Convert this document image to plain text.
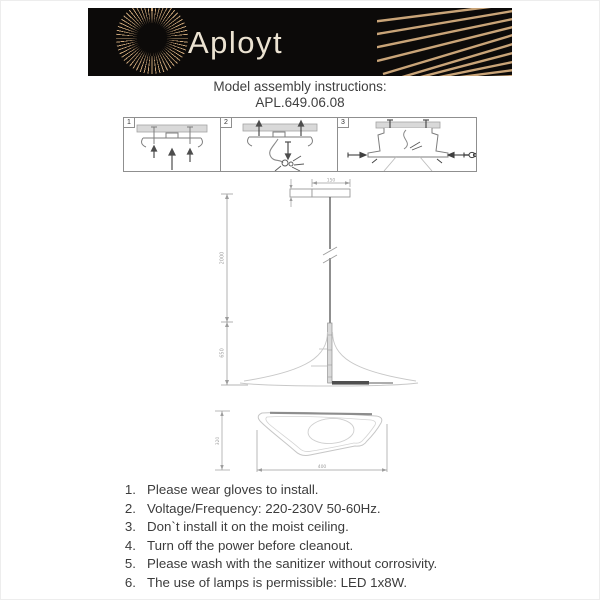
Aployt
Model assembly instructions:
APL.649.06.08
1	2	3
2000
650
150
320
400
1. Please wear gloves to install.
2. Voltage/Frequency: 220-230V 50-60Hz.
3. Don`t install it on the moist ceiling.
4. Turn off the power before cleanout.
5. Please wash with the sanitizer without corrosivity.
6. The use of lamps is permissible: LED 1x8W.
